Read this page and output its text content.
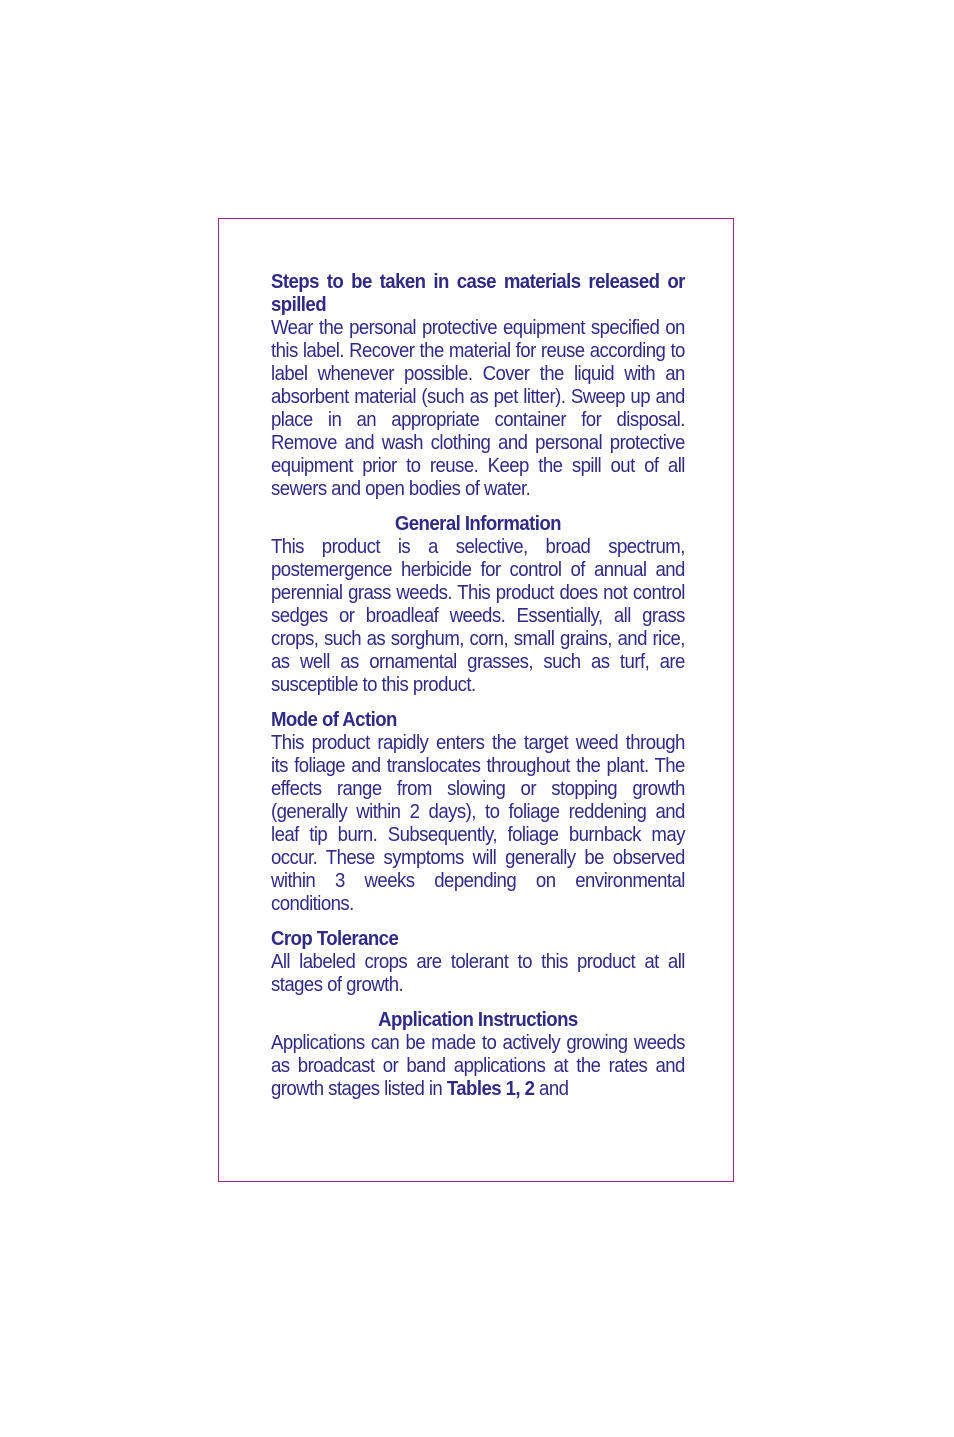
Steps to be taken in case materials released or spilled

Wear the personal protective equipment specified on this label. Recover the material for reuse according to label whenever possible. Cover the liquid with an absorbent material (such as pet litter). Sweep up and place in an appropriate container for disposal. Remove and wash clothing and personal protective equipment prior to reuse. Keep the spill out of all sewers and open bodies of water.

General Information

This product is a selective, broad spectrum, postemergence herbicide for control of annual and perennial grass weeds. This product does not control sedges or broadleaf weeds. Essentially, all grass crops, such as sorghum, corn, small grains, and rice, as well as ornamental grasses, such as turf, are susceptible to this product.

Mode of Action

This product rapidly enters the target weed through its foliage and translocates throughout the plant. The effects range from slowing or stopping growth (generally within 2 days), to foliage reddening and leaf tip burn. Subsequently, foliage burnback may occur. These symptoms will generally be observed within 3 weeks depending on environmental conditions.

Crop Tolerance

All labeled crops are tolerant to this product at all stages of growth.

Application Instructions

Applications can be made to actively growing weeds as broadcast or band applications at the rates and growth stages listed in Tables 1, 2 and
